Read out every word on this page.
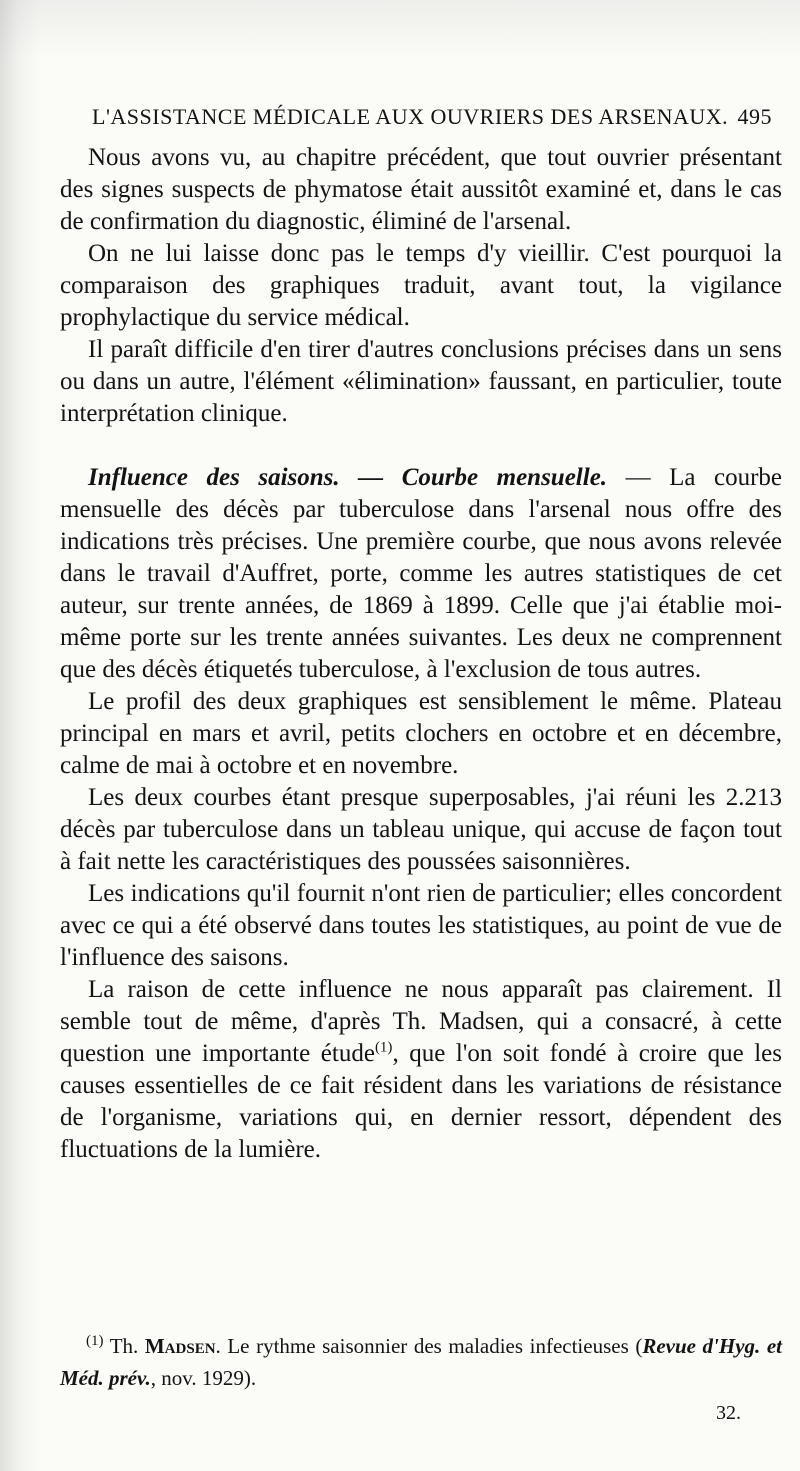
L'ASSISTANCE MÉDICALE AUX OUVRIERS DES ARSENAUX. 495

Nous avons vu, au chapitre précédent, que tout ouvrier présentant des signes suspects de phymatose était aussitôt examiné et, dans le cas de confirmation du diagnostic, éliminé de l'arsenal.

On ne lui laisse donc pas le temps d'y vieillir. C'est pourquoi la comparaison des graphiques traduit, avant tout, la vigilance prophylactique du service médical.

Il paraît difficile d'en tirer d'autres conclusions précises dans un sens ou dans un autre, l'élément «élimination» faussant, en particulier, toute interprétation clinique.

Influence des saisons. — Courbe mensuelle. — La courbe mensuelle des décès par tuberculose dans l'arsenal nous offre des indications très précises. Une première courbe, que nous avons relevée dans le travail d'Auffret, porte, comme les autres statistiques de cet auteur, sur trente années, de 1869 à 1899. Celle que j'ai établie moi-même porte sur les trente années suivantes. Les deux ne comprennent que des décès étiquetés tuberculose, à l'exclusion de tous autres.

Le profil des deux graphiques est sensiblement le même. Plateau principal en mars et avril, petits clochers en octobre et en décembre, calme de mai à octobre et en novembre.

Les deux courbes étant presque superposables, j'ai réuni les 2.213 décès par tuberculose dans un tableau unique, qui accuse de façon tout à fait nette les caractéristiques des poussées saisonnières.

Les indications qu'il fournit n'ont rien de particulier; elles concordent avec ce qui a été observé dans toutes les statistiques, au point de vue de l'influence des saisons.

La raison de cette influence ne nous apparaît pas clairement. Il semble tout de même, d'après Th. Madsen, qui a consacré, à cette question une importante étude$^{(1)}$, que l'on soit fondé à croire que les causes essentielles de ce fait résident dans les variations de résistance de l'organisme, variations qui, en dernier ressort, dépendent des fluctuations de la lumière.

$^{(1)}$ Th. Madsen. Le rythme saisonnier des maladies infectieuses (Revue d'Hyg. et Méd. prév., nov. 1929).
32.
